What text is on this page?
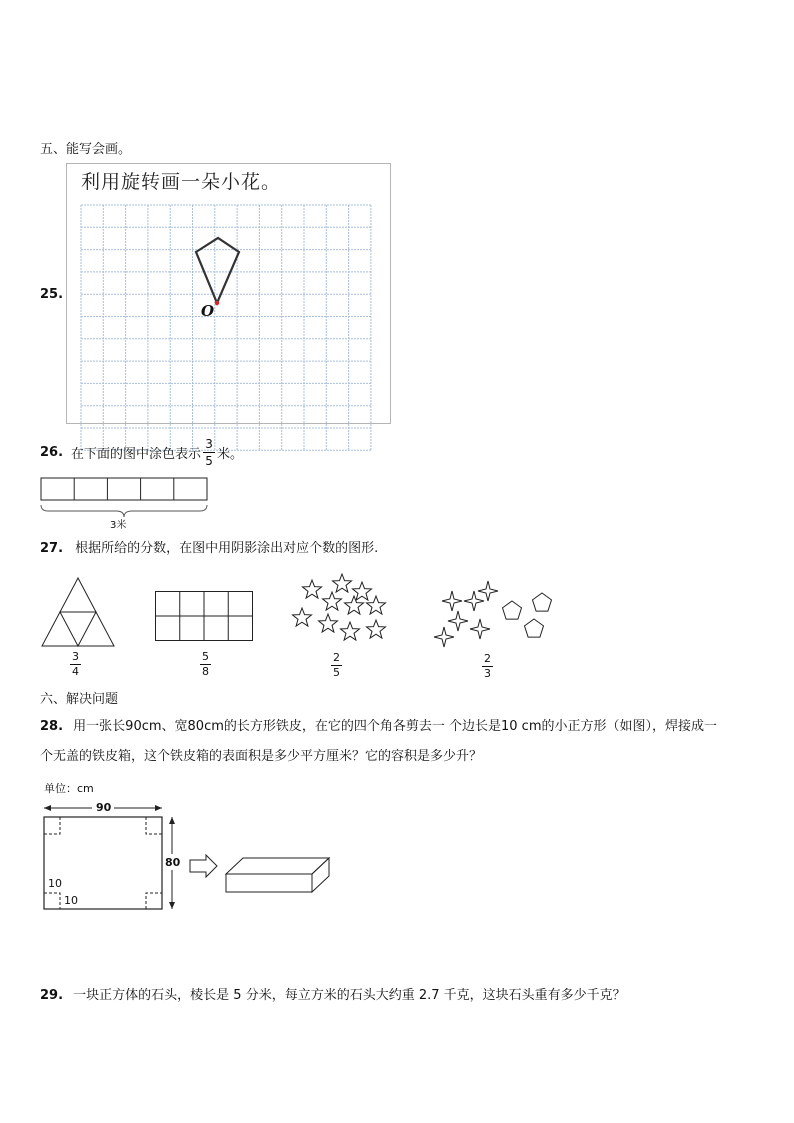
五、能写会画。
25.
利用旋转画一朵小花。
O
26. 在下面的图中涂色表示 $\frac{3}{5}$ 米。
3米
27. 根据所给的分数，在图中用阴影涂出对应个数的图形.
3
4
5
8
2
5
2
3
六、解决问题
28. 用一张长90cm、宽80cm的长方形铁皮，在它的四个角各剪去一 个边长是10 cm的小正方形（如图），焊接成一
个无盖的铁皮箱，这个铁皮箱的表面积是多少平方厘米？它的容积是多少升？
单位：cm
90
80
10
10
29. 一块正方体的石头，棱长是 5 分米，每立方米的石头大约重 2.7 千克，这块石头重有多少千克？
